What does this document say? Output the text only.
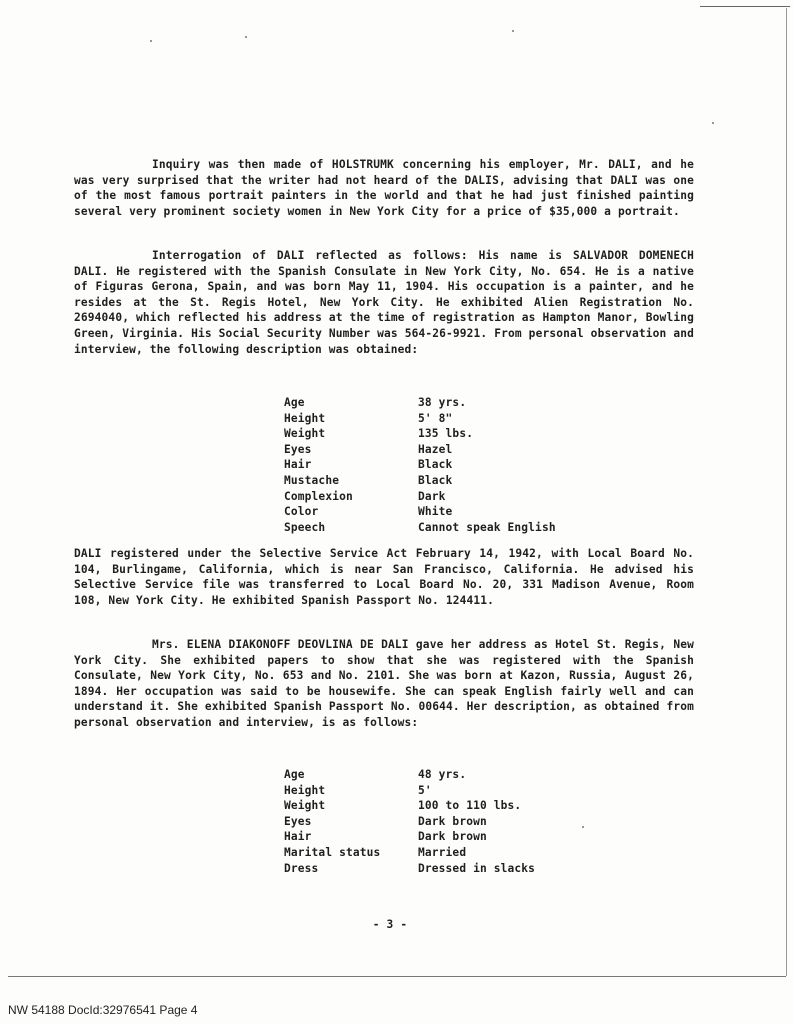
Inquiry was then made of HOLSTRUMK concerning his employer, Mr. DALI, and he was very surprised that the writer had not heard of the DALIS, advising that DALI was one of the most famous portrait painters in the world and that he had just finished painting several very prominent society women in New York City for a price of $35,000 a portrait.

Interrogation of DALI reflected as follows: His name is SALVADOR DOMENECH DALI. He registered with the Spanish Consulate in New York City, No. 654. He is a native of Figuras Gerona, Spain, and was born May 11, 1904. His occupation is a painter, and he resides at the St. Regis Hotel, New York City. He exhibited Alien Registration No. 2694040, which reflected his address at the time of registration as Hampton Manor, Bowling Green, Virginia. His Social Security Number was 564-26-9921. From personal observation and interview, the following description was obtained:

Age	38 yrs.
Height	5' 8"
Weight	135 lbs.
Eyes	Hazel
Hair	Black
Mustache	Black
Complexion	Dark
Color	White
Speech	Cannot speak English

DALI registered under the Selective Service Act February 14, 1942, with Local Board No. 104, Burlingame, California, which is near San Francisco, California. He advised his Selective Service file was transferred to Local Board No. 20, 331 Madison Avenue, Room 108, New York City. He exhibited Spanish Passport No. 124411.

Mrs. ELENA DIAKONOFF DEOVLINA DE DALI gave her address as Hotel St. Regis, New York City. She exhibited papers to show that she was registered with the Spanish Consulate, New York City, No. 653 and No. 2101. She was born at Kazon, Russia, August 26, 1894. Her occupation was said to be housewife. She can speak English fairly well and can understand it. She exhibited Spanish Passport No. 00644. Her description, as obtained from personal observation and interview, is as follows:

Age	48 yrs.
Height	5'
Weight	100 to 110 lbs.
Eyes	Dark brown
Hair	Dark brown
Marital status	Married
Dress	Dressed in slacks
- 3 -
NW 54188 DocId:32976541 Page 4
